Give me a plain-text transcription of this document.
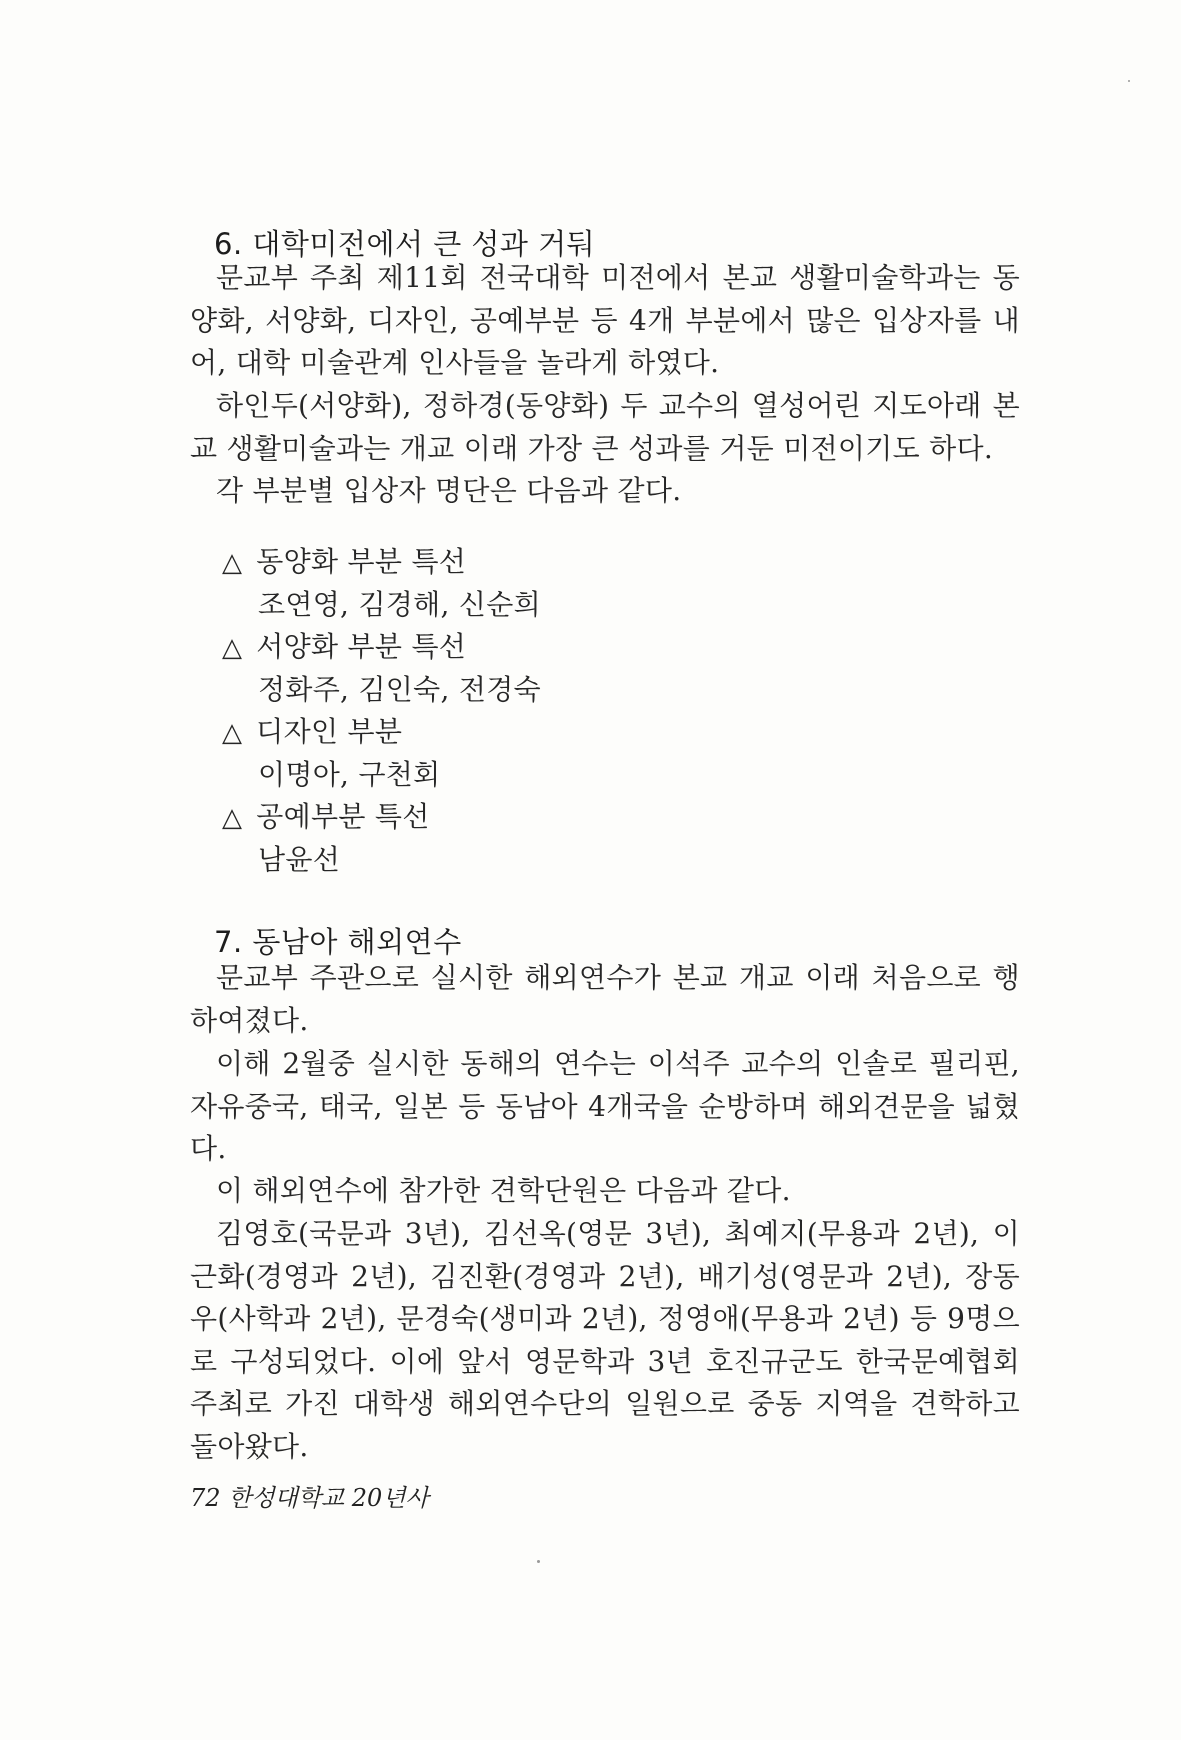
6. 대학미전에서 큰 성과 거둬

문교부 주최 제11회 전국대학 미전에서 본교 생활미술학과는 동양화, 서양화, 디자인, 공예부분 등 4개 부분에서 많은 입상자를 내어, 대학 미술관계 인사들을 놀라게 하였다.

하인두(서양화), 정하경(동양화) 두 교수의 열성어린 지도아래 본교 생활미술과는 개교 이래 가장 큰 성과를 거둔 미전이기도 하다.

각 부분별 입상자 명단은 다음과 같다.

△ 동양화 부분 특선
조연영, 김경해, 신순희
△ 서양화 부분 특선
정화주, 김인숙, 전경숙
△ 디자인 부분
이명아, 구천회
△ 공예부분 특선
남윤선
7. 동남아 해외연수

문교부 주관으로 실시한 해외연수가 본교 개교 이래 처음으로 행하여졌다.

이해 2월중 실시한 동해의 연수는 이석주 교수의 인솔로 필리핀, 자유중국, 태국, 일본 등 동남아 4개국을 순방하며 해외견문을 넓혔다.

이 해외연수에 참가한 견학단원은 다음과 같다.

김영호(국문과 3년), 김선옥(영문 3년), 최예지(무용과 2년), 이근화(경영과 2년), 김진환(경영과 2년), 배기성(영문과 2년), 장동우(사학과 2년), 문경숙(생미과 2년), 정영애(무용과 2년) 등 9명으로 구성되었다. 이에 앞서 영문학과 3년 호진규군도 한국문예협회 주최로 가진 대학생 해외연수단의 일원으로 중동 지역을 견학하고 돌아왔다.

72 한성대학교 20년사
